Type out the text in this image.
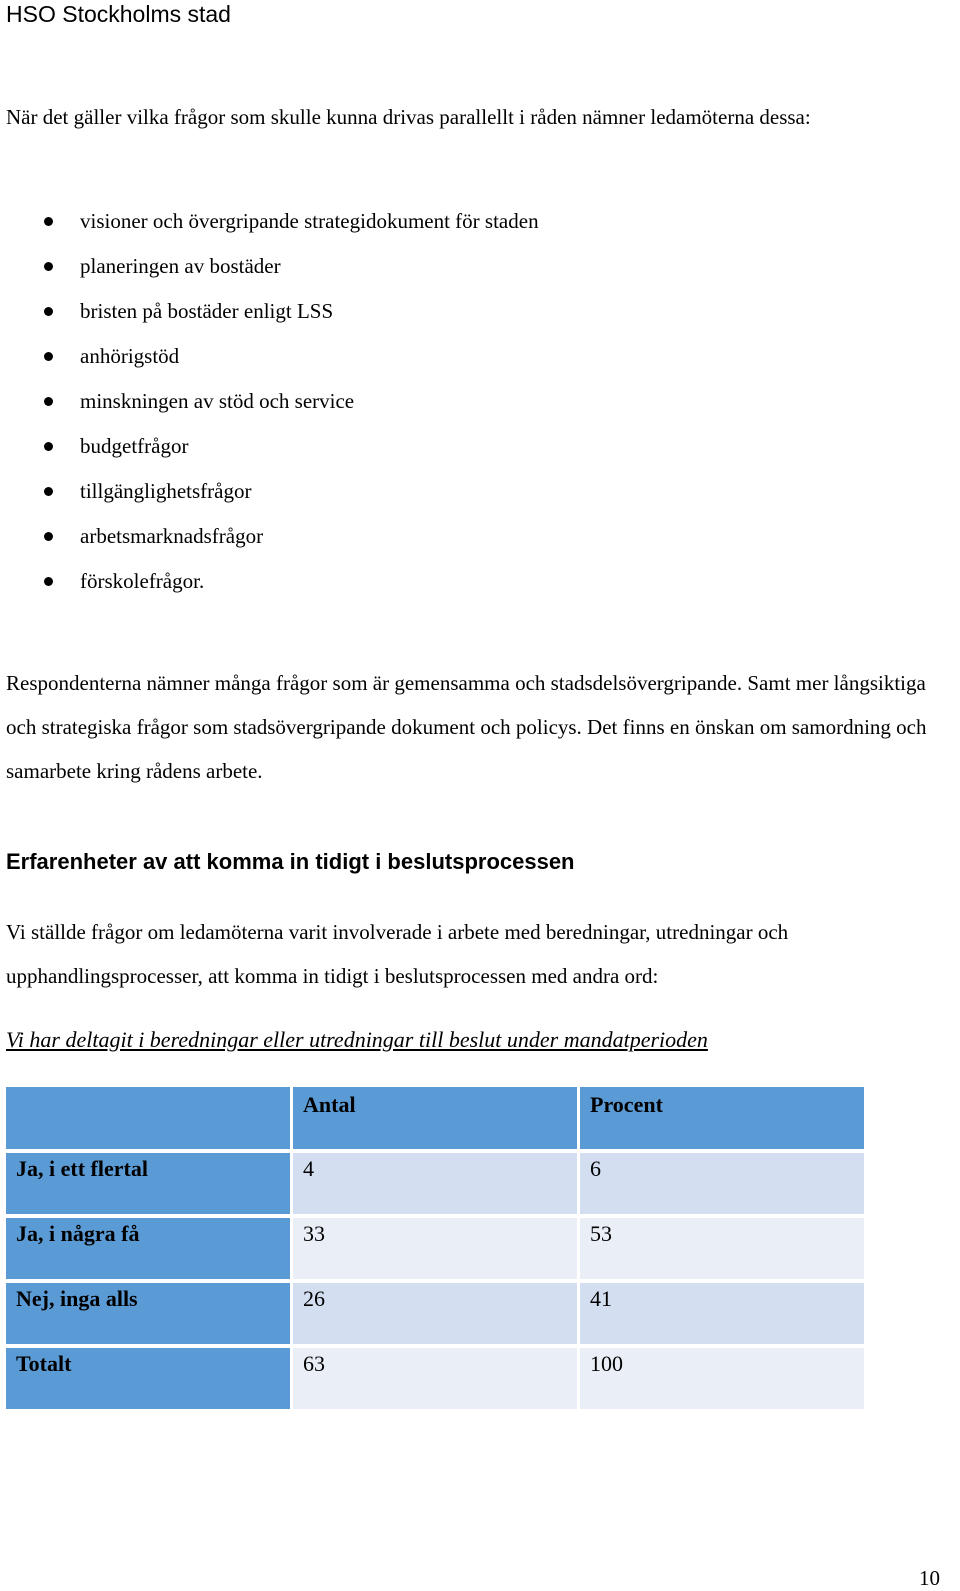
HSO Stockholms stad

När det gäller vilka frågor som skulle kunna drivas parallellt i råden nämner ledamöterna dessa:

visioner och övergripande strategidokument för staden
planeringen av bostäder
bristen på bostäder enligt LSS
anhörigstöd
minskningen av stöd och service
budgetfrågor
tillgänglighetsfrågor
arbetsmarknadsfrågor
förskolefrågor.

Respondenterna nämner många frågor som är gemensamma och stadsdelsövergripande. Samt mer långsiktiga och strategiska frågor som stadsövergripande dokument och policys. Det finns en önskan om samordning och samarbete kring rådens arbete.

Erfarenheter av att komma in tidigt i beslutsprocessen

Vi ställde frågor om ledamöterna varit involverade i arbete med beredningar, utredningar och upphandlingsprocesser, att komma in tidigt i beslutsprocessen med andra ord:

Vi har deltagit i beredningar eller utredningar till beslut under mandatperioden
	Antal	Procent
Ja, i ett flertal	4	6
Ja, i några få	33	53
Nej, inga alls	26	41
Totalt	63	100
10
